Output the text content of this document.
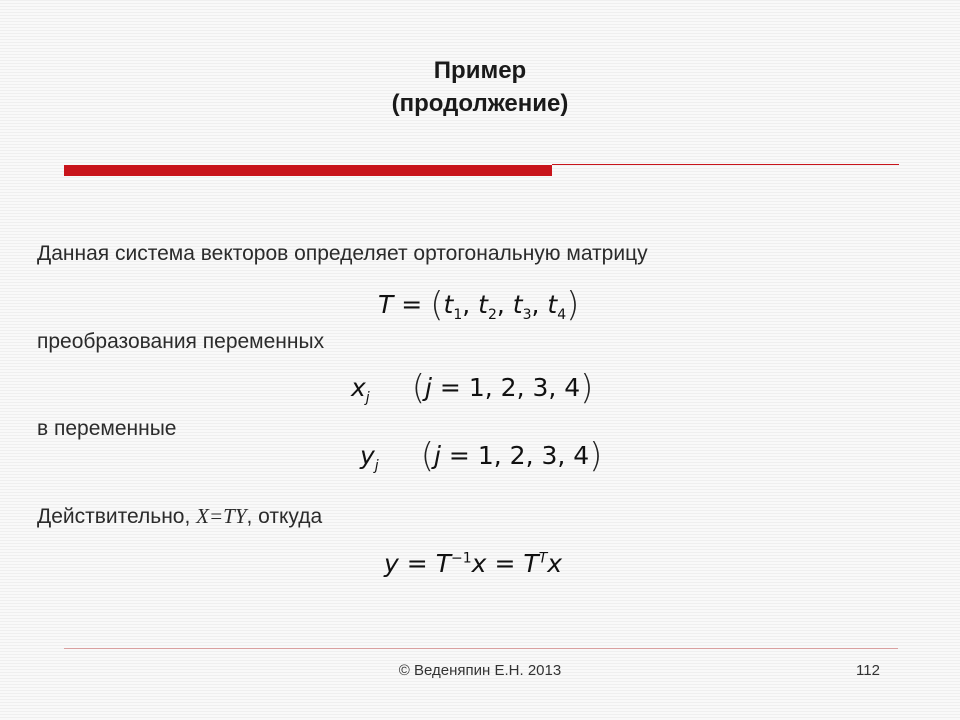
Пример
(продолжение)
Данная система векторов определяет ортогональную матрицу
$T = (t_1$, $t_2$, $t_3$, $t_4$)
преобразования переменных
$x_j$ (j = 1, 2, 3, 4)
в переменные
$y_j$ (j = 1, 2, 3, 4)
Действительно, X=TY, откуда
$y = T^{-1}x = T^Tx$
© Веденяпин Е.Н. 2013	112
